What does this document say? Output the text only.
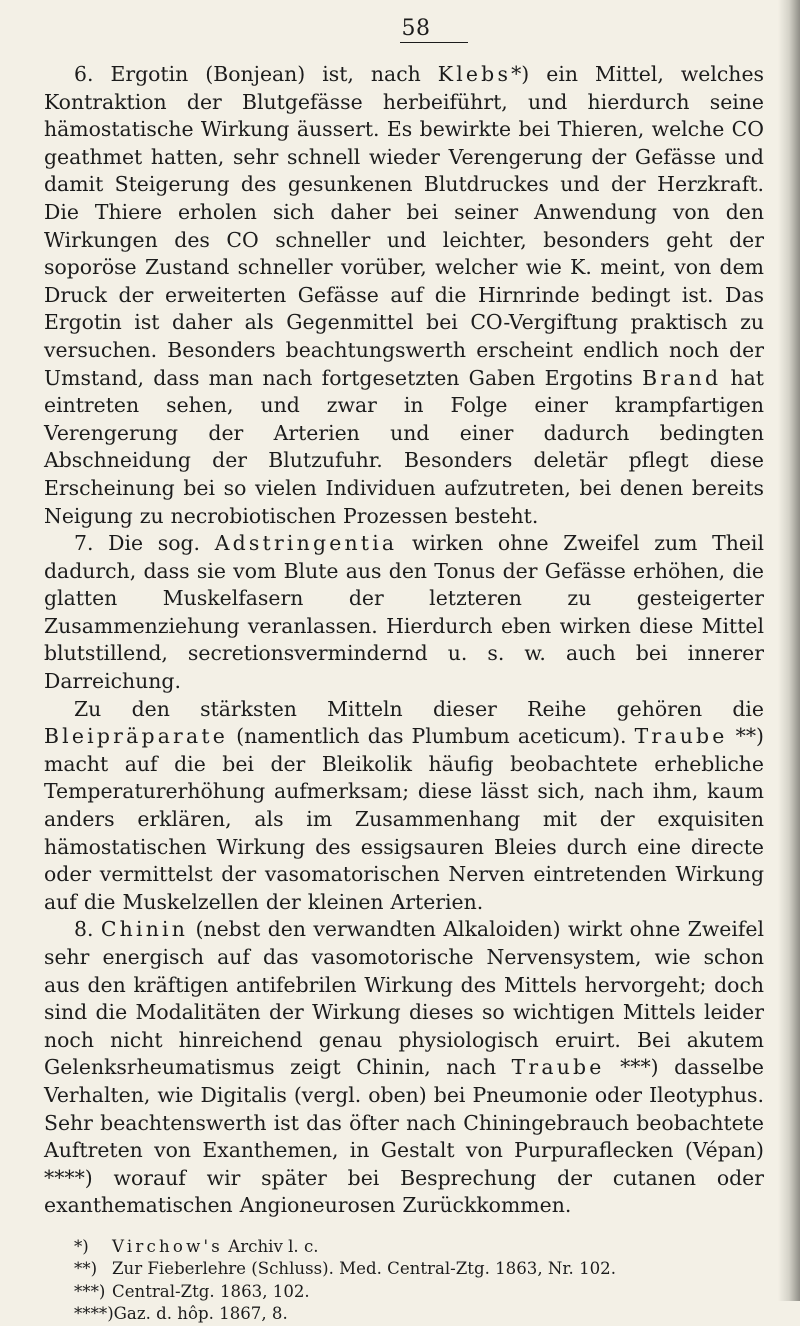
58

6. Ergotin (Bonjean) ist, nach Klebs*) ein Mittel, welches Kontraktion der Blutgefässe herbeiführt, und hierdurch seine hämostatische Wirkung äussert. Es bewirkte bei Thieren, welche CO geathmet hatten, sehr schnell wieder Verengerung der Gefässe und damit Steigerung des gesunkenen Blutdruckes und der Herzkraft. Die Thiere erholen sich daher bei seiner Anwendung von den Wirkungen des CO schneller und leichter, besonders geht der soporöse Zustand schneller vorüber, welcher wie K. meint, von dem Druck der erweiterten Gefässe auf die Hirnrinde bedingt ist. Das Ergotin ist daher als Gegenmittel bei CO-Vergiftung praktisch zu versuchen. Besonders beachtungswerth erscheint endlich noch der Umstand, dass man nach fortgesetzten Gaben Ergotins Brand hat eintreten sehen, und zwar in Folge einer krampfartigen Verengerung der Arterien und einer dadurch bedingten Abschneidung der Blutzufuhr. Besonders deletär pflegt diese Erscheinung bei so vielen Individuen aufzutreten, bei denen bereits Neigung zu necrobiotischen Prozessen besteht.

7. Die sog. Adstringentia wirken ohne Zweifel zum Theil dadurch, dass sie vom Blute aus den Tonus der Gefässe erhöhen, die glatten Muskelfasern der letzteren zu gesteigerter Zusammenziehung veranlassen. Hierdurch eben wirken diese Mittel blutstillend, secretionsvermindernd u. s. w. auch bei innerer Darreichung.

Zu den stärksten Mitteln dieser Reihe gehören die Bleipräparate (namentlich das Plumbum aceticum). Traube **) macht auf die bei der Bleikolik häufig beobachtete erhebliche Temperaturerhöhung aufmerksam; diese lässt sich, nach ihm, kaum anders erklären, als im Zusammenhang mit der exquisiten hämostatischen Wirkung des essigsauren Bleies durch eine directe oder vermittelst der vasomatorischen Nerven eintretenden Wirkung auf die Muskelzellen der kleinen Arterien.

8. Chinin (nebst den verwandten Alkaloiden) wirkt ohne Zweifel sehr energisch auf das vasomotorische Nervensystem, wie schon aus den kräftigen antifebrilen Wirkung des Mittels hervorgeht; doch sind die Modalitäten der Wirkung dieses so wichtigen Mittels leider noch nicht hinreichend genau physiologisch eruirt. Bei akutem Gelenksrheumatismus zeigt Chinin, nach Traube ***) dasselbe Verhalten, wie Digitalis (vergl. oben) bei Pneumonie oder Ileotyphus. Sehr beachtenswerth ist das öfter nach Chiningebrauch beobachtete Auftreten von Exanthemen, in Gestalt von Purpuraflecken (Vépan) ****) worauf wir später bei Besprechung der cutanen oder exanthematischen Angioneurosen Zurückkommen.

*) Virchow's Archiv l. c.

**) Zur Fieberlehre (Schluss). Med. Central-Ztg. 1863, Nr. 102.

***) Central-Ztg. 1863, 102.

****)Gaz. d. hôp. 1867, 8.
